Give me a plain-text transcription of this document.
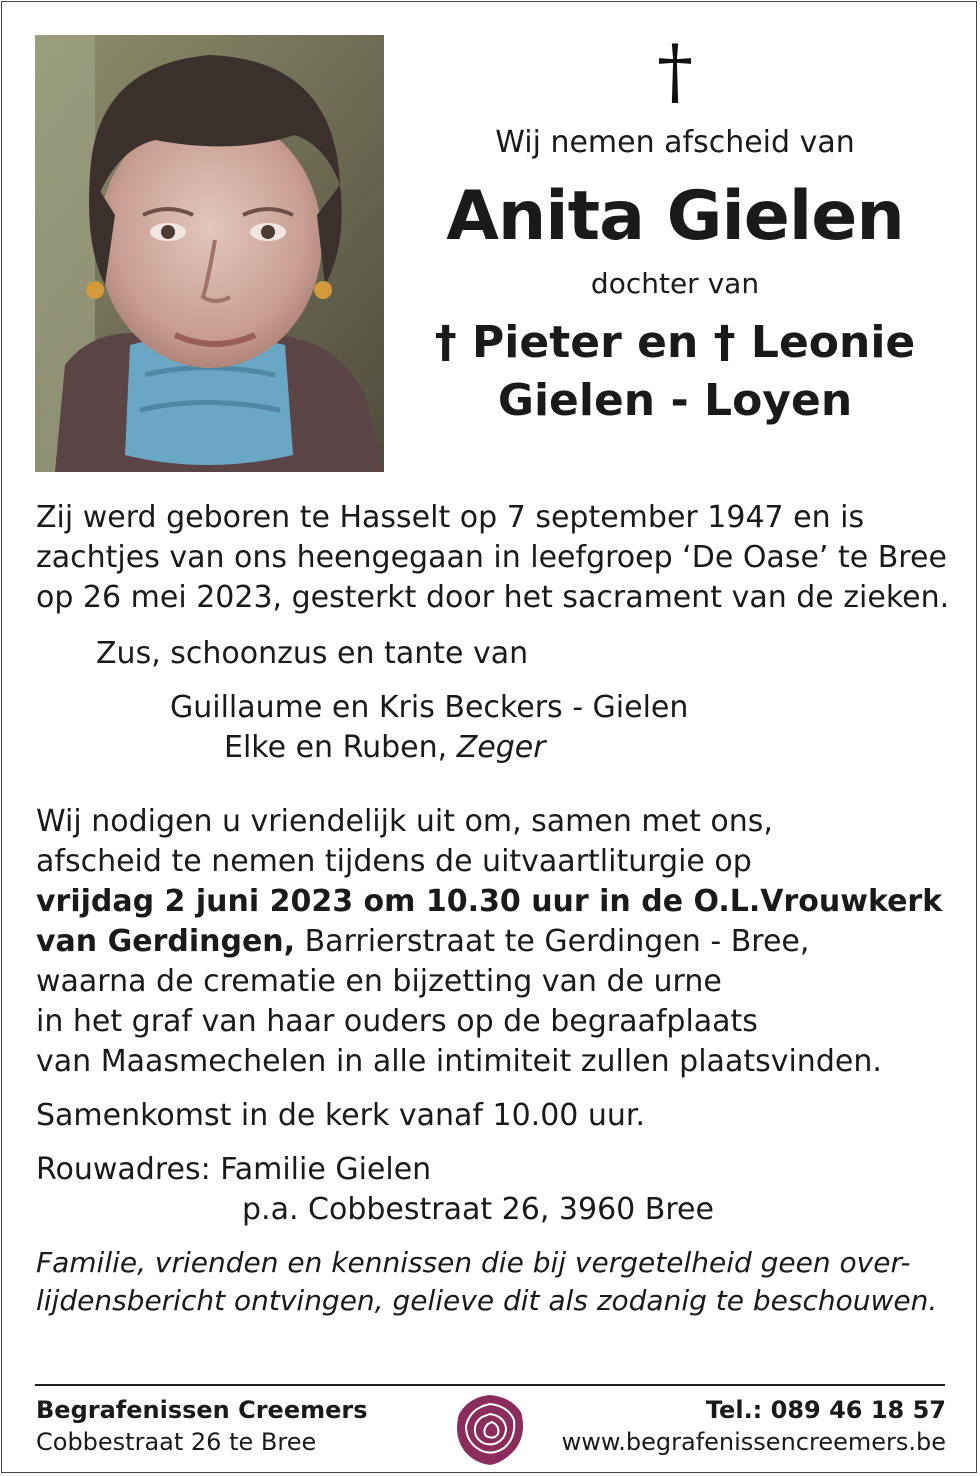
†
Wij nemen afscheid van
Anita Gielen
dochter van
† Pieter en † Leonie
Gielen - Loyen

Zij werd geboren te Hasselt op 7 september 1947 en is zachtjes van ons heengegaan in leefgroep ‘De Oase’ te Bree op 26 mei 2023, gesterkt door het sacrament van de zieken.

Zus, schoonzus en tante van

Guillaume en Kris Beckers - Gielen

Elke en Ruben, Zeger

Wij nodigen u vriendelijk uit om, samen met ons,

afscheid te nemen tijdens de uitvaartliturgie op

vrijdag 2 juni 2023 om 10.30 uur in de O.L.Vrouwkerk

van Gerdingen, Barrierstraat te Gerdingen - Bree,

waarna de crematie en bijzetting van de urne

in het graf van haar ouders op de begraafplaats

van Maasmechelen in alle intimiteit zullen plaatsvinden.

Samenkomst in de kerk vanaf 10.00 uur.

Rouwadres: Familie Gielen

p.a. Cobbestraat 26, 3960 Bree

Familie, vrienden en kennissen die bij vergetelheid geen over-
lijdensbericht ontvingen, gelieve dit als zodanig te beschouwen.
Begrafenissen Creemers
Cobbestraat 26 te Bree
Tel.: 089 46 18 57
www.begrafenissencreemers.be
